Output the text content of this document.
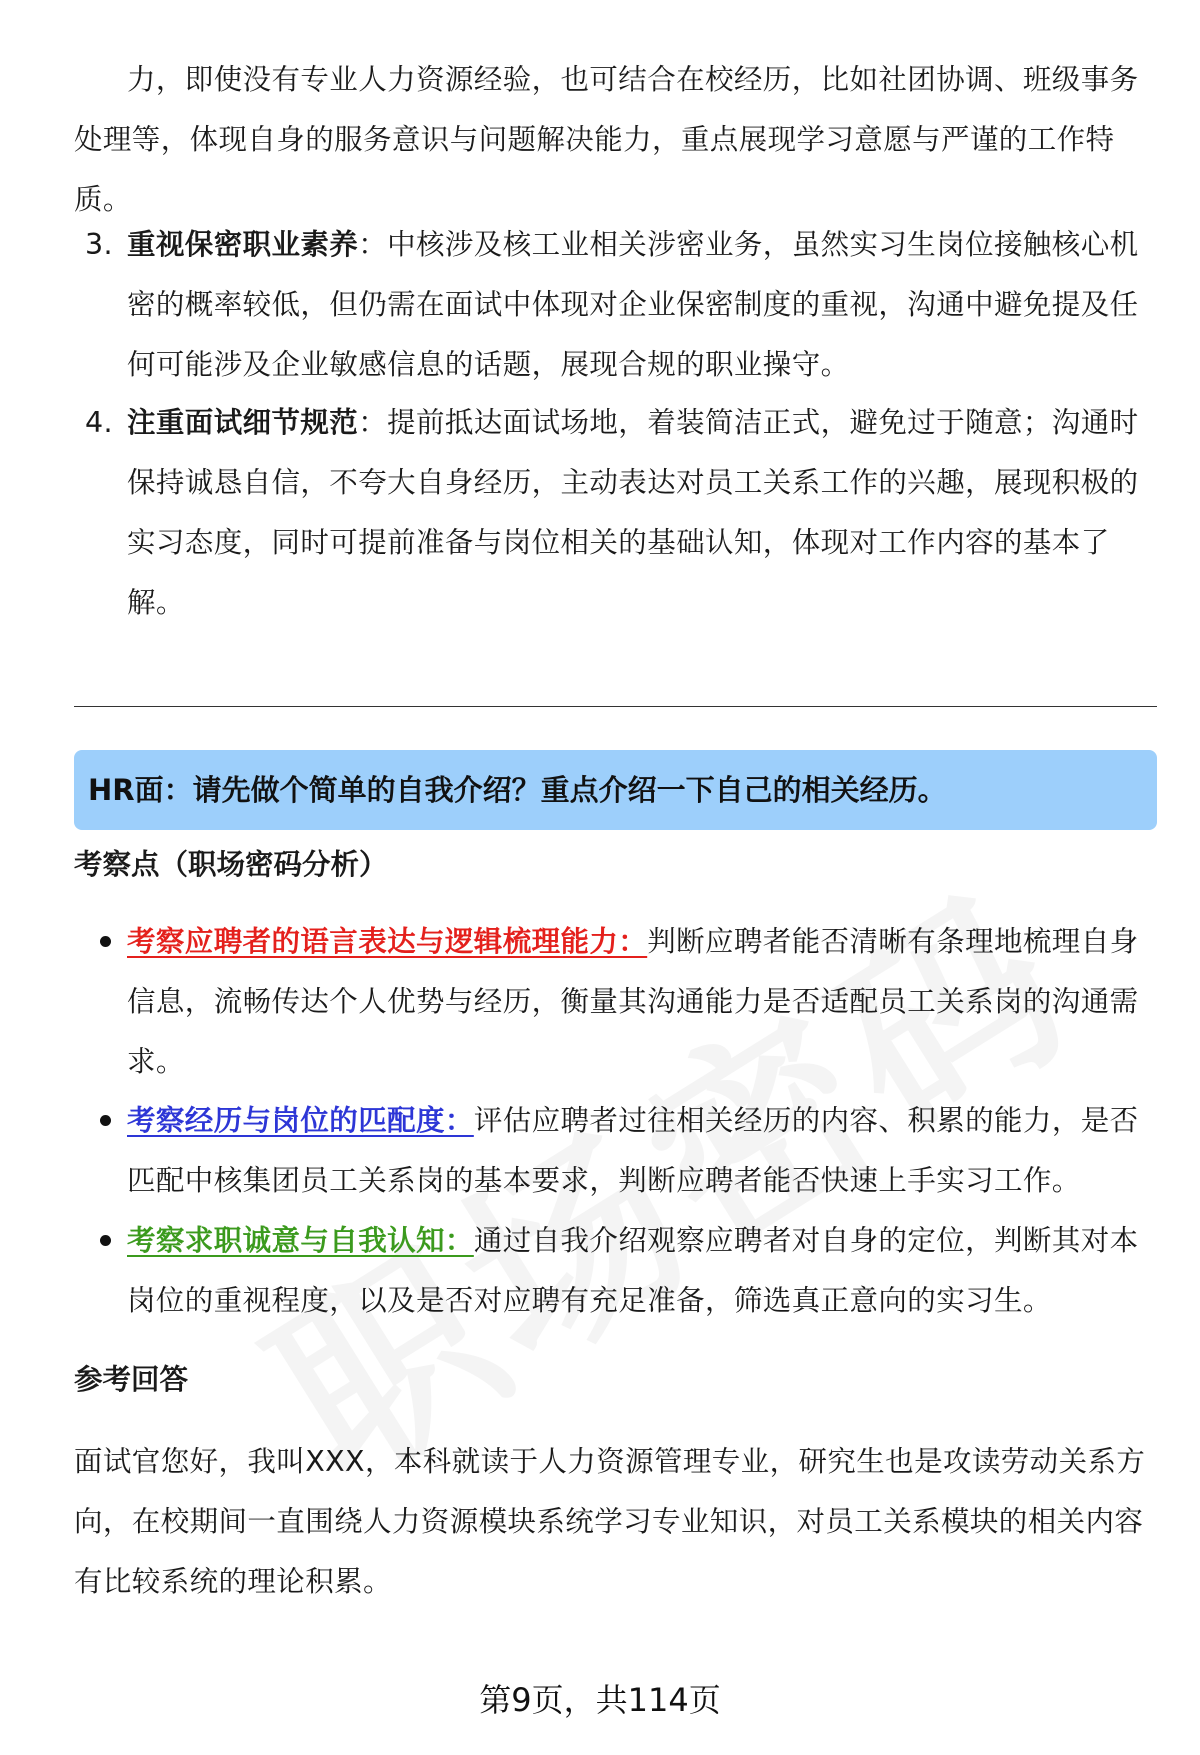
力，即使没有专业人力资源经验，也可结合在校经历，比如社团协调、班级事务处理等，体现自身的服务意识与问题解决能力，重点展现学习意愿与严谨的工作特质。

3. 重视保密职业素养：中核涉及核工业相关涉密业务，虽然实习生岗位接触核心机密的概率较低，但仍需在面试中体现对企业保密制度的重视，沟通中避免提及任何可能涉及企业敏感信息的话题，展现合规的职业操守。
4. 注重面试细节规范：提前抵达面试场地，着装简洁正式，避免过于随意；沟通时保持诚恳自信，不夸大自身经历，主动表达对员工关系工作的兴趣，展现积极的实习态度，同时可提前准备与岗位相关的基础认知，体现对工作内容的基本了解。
HR面：请先做个简单的自我介绍？重点介绍一下自己的相关经历。
考察点（职场密码分析）
考察应聘者的语言表达与逻辑梳理能力：判断应聘者能否清晰有条理地梳理自身信息，流畅传达个人优势与经历，衡量其沟通能力是否适配员工关系岗的沟通需求。
考察经历与岗位的匹配度：评估应聘者过往相关经历的内容、积累的能力，是否匹配中核集团员工关系岗的基本要求，判断应聘者能否快速上手实习工作。
考察求职诚意与自我认知：通过自我介绍观察应聘者对自身的定位，判断其对本岗位的重视程度，以及是否对应聘有充足准备，筛选真正意向的实习生。
参考回答

面试官您好，我叫XXX，本科就读于人力资源管理专业，研究生也是攻读劳动关系方向，在校期间一直围绕人力资源模块系统学习专业知识，对员工关系模块的相关内容有比较系统的理论积累。

第9页，共114页
